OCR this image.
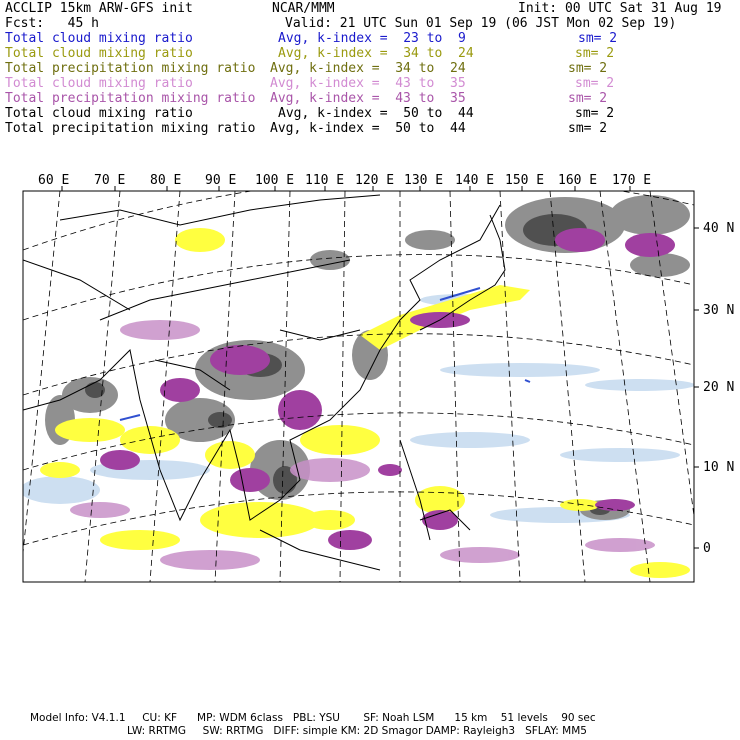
ACCLIP 15km ARW-GFS init	NCAR/MMM	Init: 00 UTC Sat 31 Aug 19
Fcst:   45 h	Valid: 21 UTC Sun 01 Sep 19 (06 JST Mon 02 Sep 19)
Total cloud mixing ratio	Avg, k-index =  23 to  9	sm= 2
Total cloud mixing ratio	Avg, k-index =  34 to  24	sm= 2
Total precipitation mixing ratio Avg, k-index =  34 to  24	sm= 2
Total cloud mixing ratio	Avg, k-index =  43 to  35	sm= 2
Total precipitation mixing ratio Avg, k-index =  43 to  35	sm= 2
Total cloud mixing ratio	Avg, k-index =  50 to  44	sm= 2
Total precipitation mixing ratio Avg, k-index =  50 to  44	sm= 2
60 E 70 E 80 E 90 E 100 E 110 E 120 E 130 E 140 E 150 E 160 E 170 E
40 N
30 N
20 N
10 N
0
Model Info: V4.1.1     CU: KF      MP: WDM 6class   PBL: YSU       SF: Noah LSM      15 km    51 levels    90 sec
LW: RRTMG     SW: RRTMG   DIFF: simple KM: 2D Smagor DAMP: Rayleigh3   SFLAY: MM5
